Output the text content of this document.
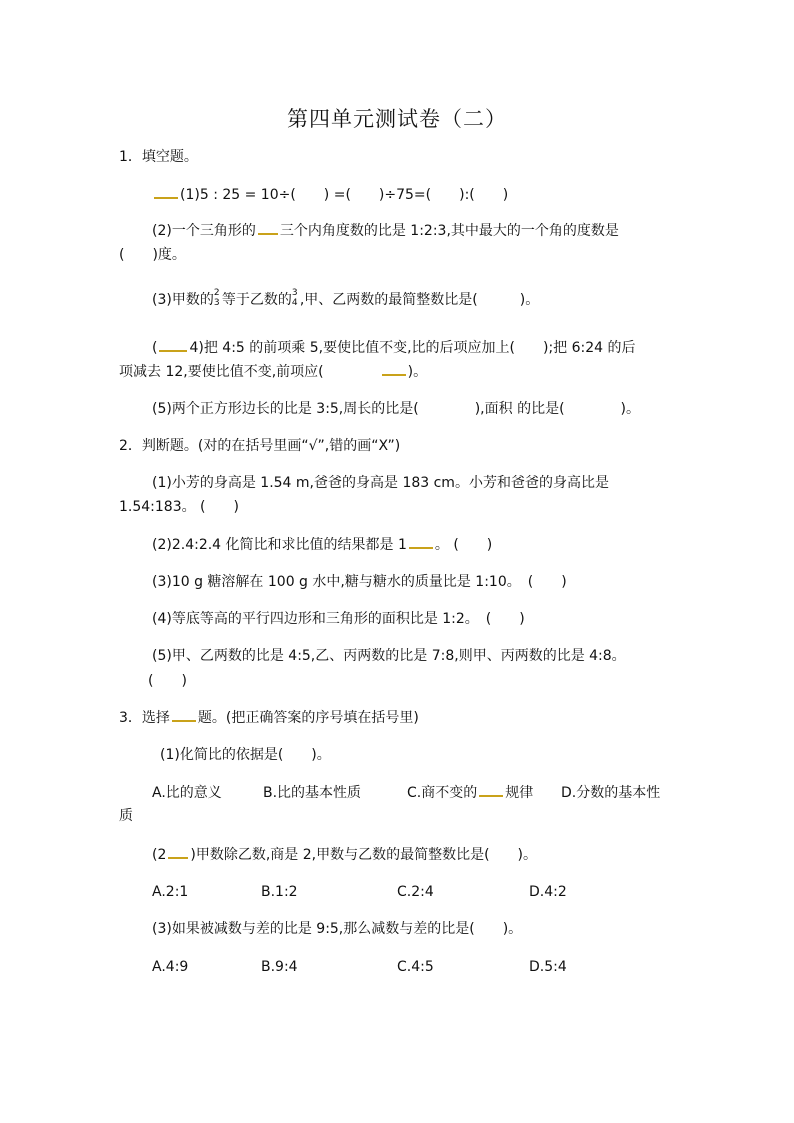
第四单元测试卷（二）
1．填空题。
(1)5 : 25 = 10÷(　　) =(　　)÷75=(　　):(　　)
(2)一个三角形的 三个内角度数的比是 1:2:3,其中最大的一个角的度数是
(　　)度。
(3)甲数的 2
3 等于乙数的 3
4 ,甲、乙两数的最简整数比是(　　　)。
( 4)把 4:5 的前项乘 5,要使比值不变,比的后项应加上(　　);把 6:24 的后
项减去 12,要使比值不变,前项应(　　　　)。
(5)两个正方形边长的比是 3:5,周长的比是(　　　　),面积 的比是(　　　　)。
2．判断题。(对的在括号里画“√”,错的画“X”)
(1)小芳的身高是 1.54 m,爸爸的身高是 183 cm。小芳和爸爸的身高比是
1.54:183。 (　　)
(2)2.4:2.4 化简比和求比值的结果都是 1 。 (　　)
(3)10 g 糖溶解在 100 g 水中,糖与糖水的质量比是 1:10。　(　　)
(4)等底等高的平行四边形和三角形的面积比是 1:2。　(　　)
(5)甲、乙两数的比是 4:5,乙、丙两数的比是 7:8,则甲、丙两数的比是 4:8。
(　　)
3．选择 题。(把正确答案的序号填在括号里)
(1)化简比的依据是(　　)。
A.比的意义	B.比的基本性质	C.商不变的 规律 D.分数的基本性
质
(2 )甲数除乙数,商是 2,甲数与乙数的最简整数比是(　　)。
A.2:1	B.1:2	C.2:4	D.4:2
(3)如果被减数与差的比是 9:5,那么减数与差的比是(　　)。
A.4:9	B.9:4	C.4:5	D.5:4
